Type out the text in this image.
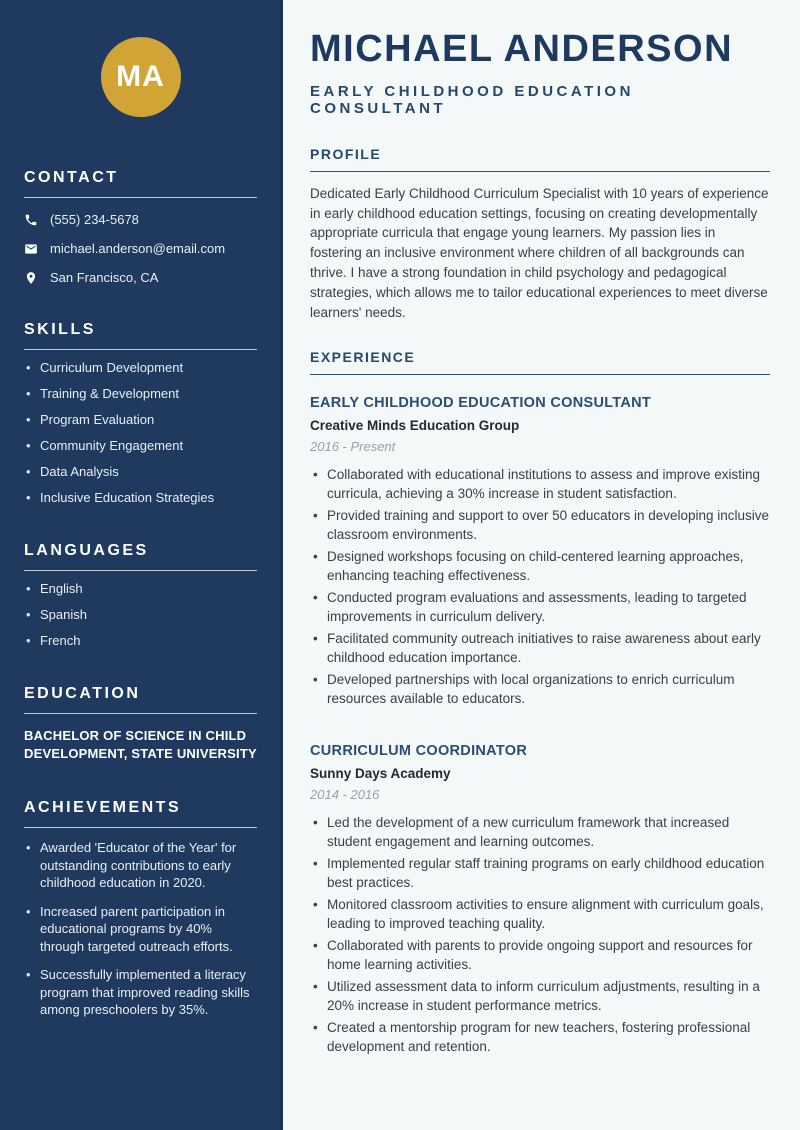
MA
CONTACT
(555) 234-5678
michael.anderson@email.com
San Francisco, CA
SKILLS
• Curriculum Development
• Training & Development
• Program Evaluation
• Community Engagement
• Data Analysis
• Inclusive Education Strategies
LANGUAGES
• English
• Spanish
• French
EDUCATION
BACHELOR OF SCIENCE IN CHILD DEVELOPMENT, STATE UNIVERSITY
ACHIEVEMENTS
• Awarded 'Educator of the Year' for outstanding contributions to early childhood education in 2020.
• Increased parent participation in educational programs by 40% through targeted outreach efforts.
• Successfully implemented a literacy program that improved reading skills among preschoolers by 35%.
MICHAEL ANDERSON
EARLY CHILDHOOD EDUCATION CONSULTANT
PROFILE

Dedicated Early Childhood Curriculum Specialist with 10 years of experience in early childhood education settings, focusing on creating developmentally appropriate curricula that engage young learners. My passion lies in fostering an inclusive environment where children of all backgrounds can thrive. I have a strong foundation in child psychology and pedagogical strategies, which allows me to tailor educational experiences to meet diverse learners' needs.

EXPERIENCE
EARLY CHILDHOOD EDUCATION CONSULTANT
Creative Minds Education Group
2016 - Present
• Collaborated with educational institutions to assess and improve existing curricula, achieving a 30% increase in student satisfaction.
• Provided training and support to over 50 educators in developing inclusive classroom environments.
• Designed workshops focusing on child-centered learning approaches, enhancing teaching effectiveness.
• Conducted program evaluations and assessments, leading to targeted improvements in curriculum delivery.
• Facilitated community outreach initiatives to raise awareness about early childhood education importance.
• Developed partnerships with local organizations to enrich curriculum resources available to educators.
CURRICULUM COORDINATOR
Sunny Days Academy
2014 - 2016
• Led the development of a new curriculum framework that increased student engagement and learning outcomes.
• Implemented regular staff training programs on early childhood education best practices.
• Monitored classroom activities to ensure alignment with curriculum goals, leading to improved teaching quality.
• Collaborated with parents to provide ongoing support and resources for home learning activities.
• Utilized assessment data to inform curriculum adjustments, resulting in a 20% increase in student performance metrics.
• Created a mentorship program for new teachers, fostering professional development and retention.
